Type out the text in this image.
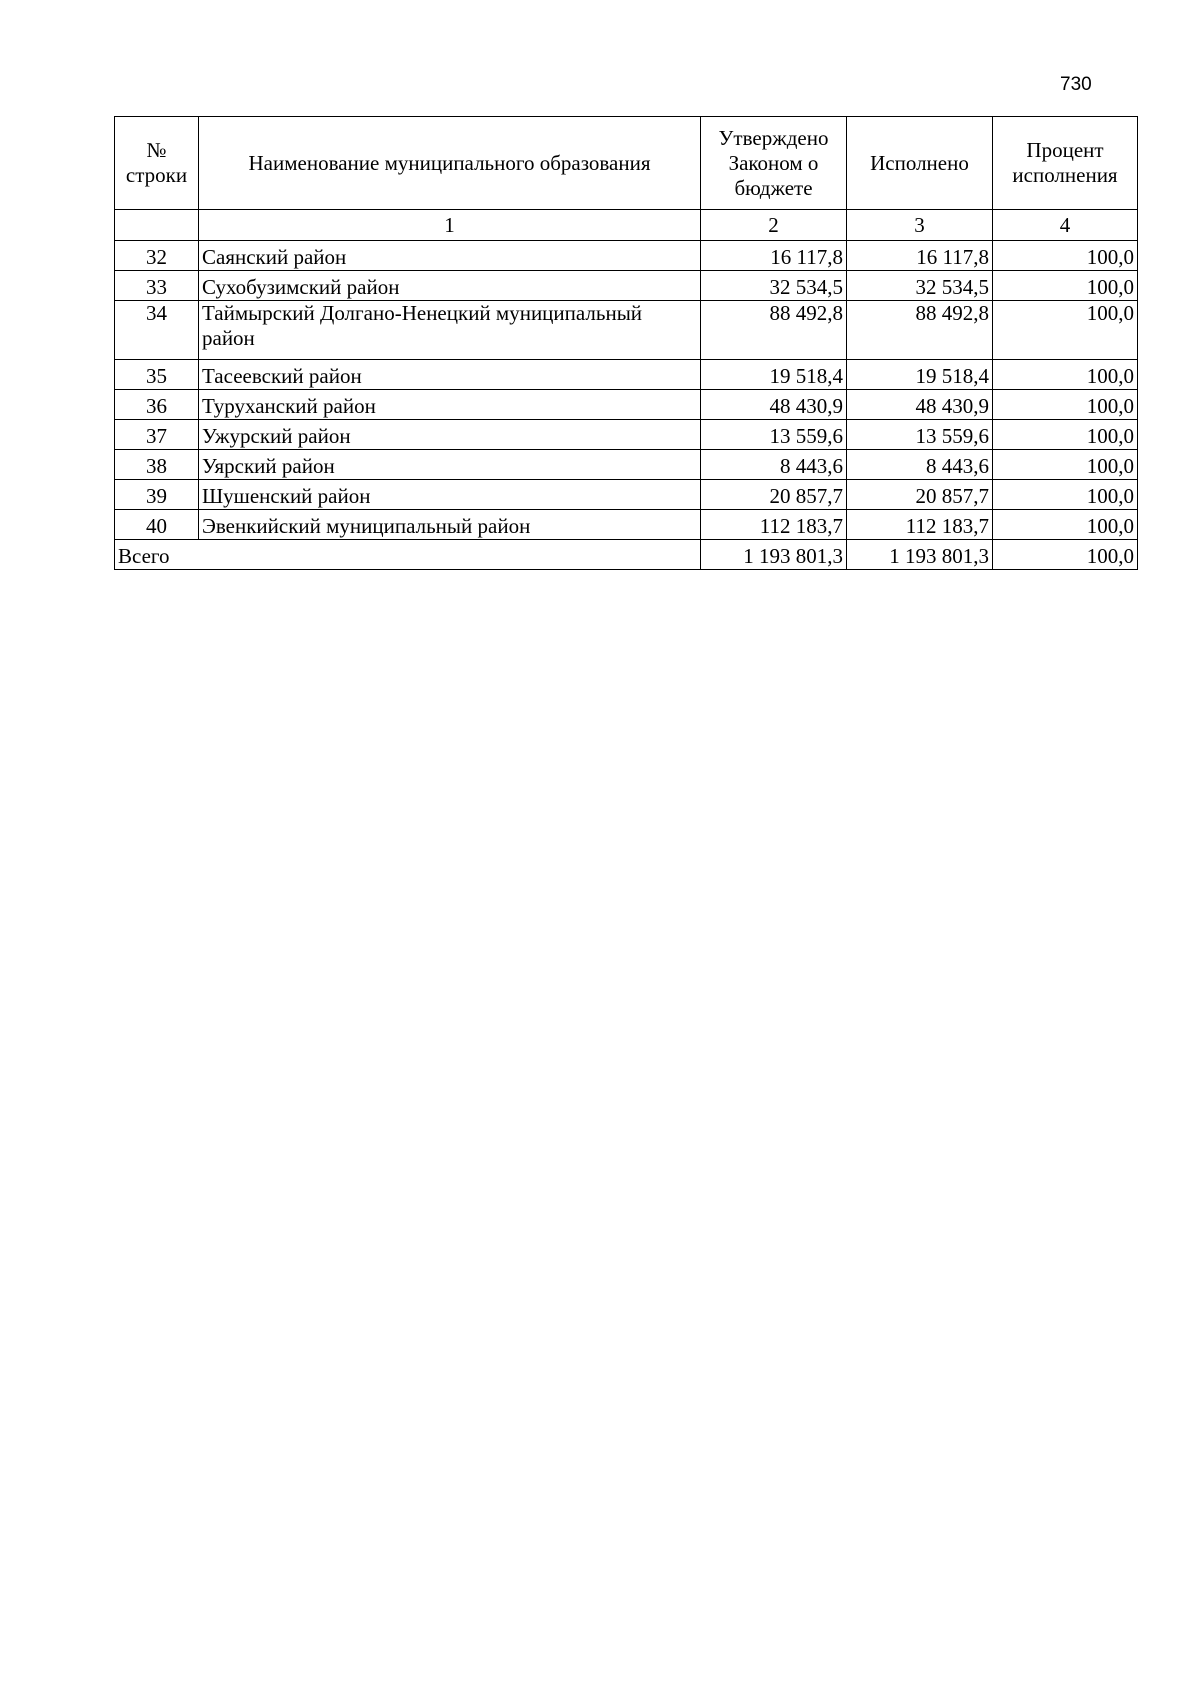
730
№ строки	Наименование муниципального образования	Утверждено Законом о бюджете	Исполнено	Процент исполнения
	1	2	3	4
32	Саянский район	16 117,8	16 117,8	100,0
33	Сухобузимский район	32 534,5	32 534,5	100,0
34	Таймырский Долгано-Ненецкий муниципальный район	88 492,8	88 492,8	100,0
35	Тасеевский район	19 518,4	19 518,4	100,0
36	Туруханский район	48 430,9	48 430,9	100,0
37	Ужурский район	13 559,6	13 559,6	100,0
38	Уярский район	8 443,6	8 443,6	100,0
39	Шушенский район	20 857,7	20 857,7	100,0
40	Эвенкийский муниципальный район	112 183,7	112 183,7	100,0
Всего		1 193 801,3	1 193 801,3	100,0
